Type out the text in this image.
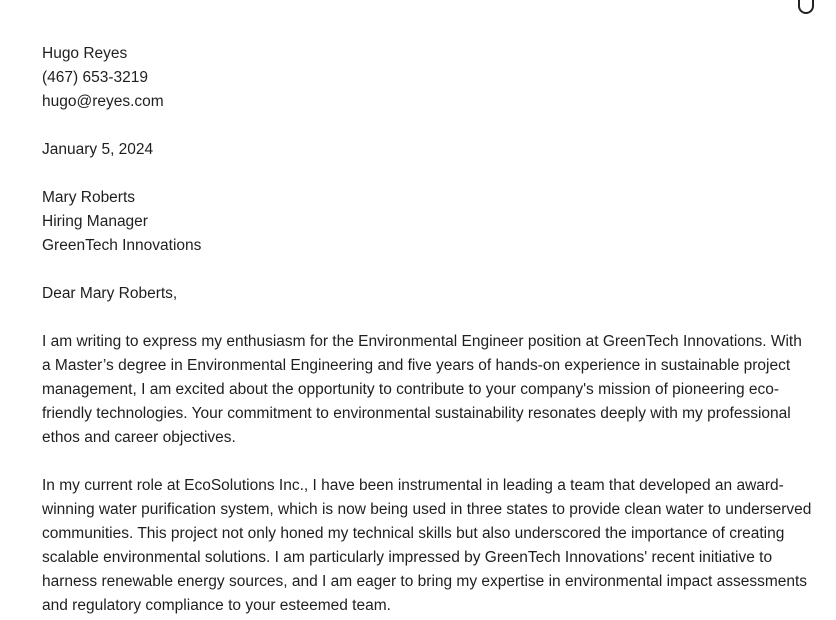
Hugo Reyes
(467) 653-3219
hugo@reyes.com
January 5, 2024
Mary Roberts
Hiring Manager
GreenTech Innovations

Dear Mary Roberts,

I am writing to express my enthusiasm for the Environmental Engineer position at GreenTech Innovations. With a Master’s degree in Environmental Engineering and five years of hands-on experience in sustainable project management, I am excited about the opportunity to contribute to your company's mission of pioneering eco-friendly technologies. Your commitment to environmental sustainability resonates deeply with my professional ethos and career objectives.

In my current role at EcoSolutions Inc., I have been instrumental in leading a team that developed an award-winning water purification system, which is now being used in three states to provide clean water to underserved communities. This project not only honed my technical skills but also underscored the importance of creating scalable environmental solutions. I am particularly impressed by GreenTech Innovations' recent initiative to harness renewable energy sources, and I am eager to bring my expertise in environmental impact assessments and regulatory compliance to your esteemed team.
